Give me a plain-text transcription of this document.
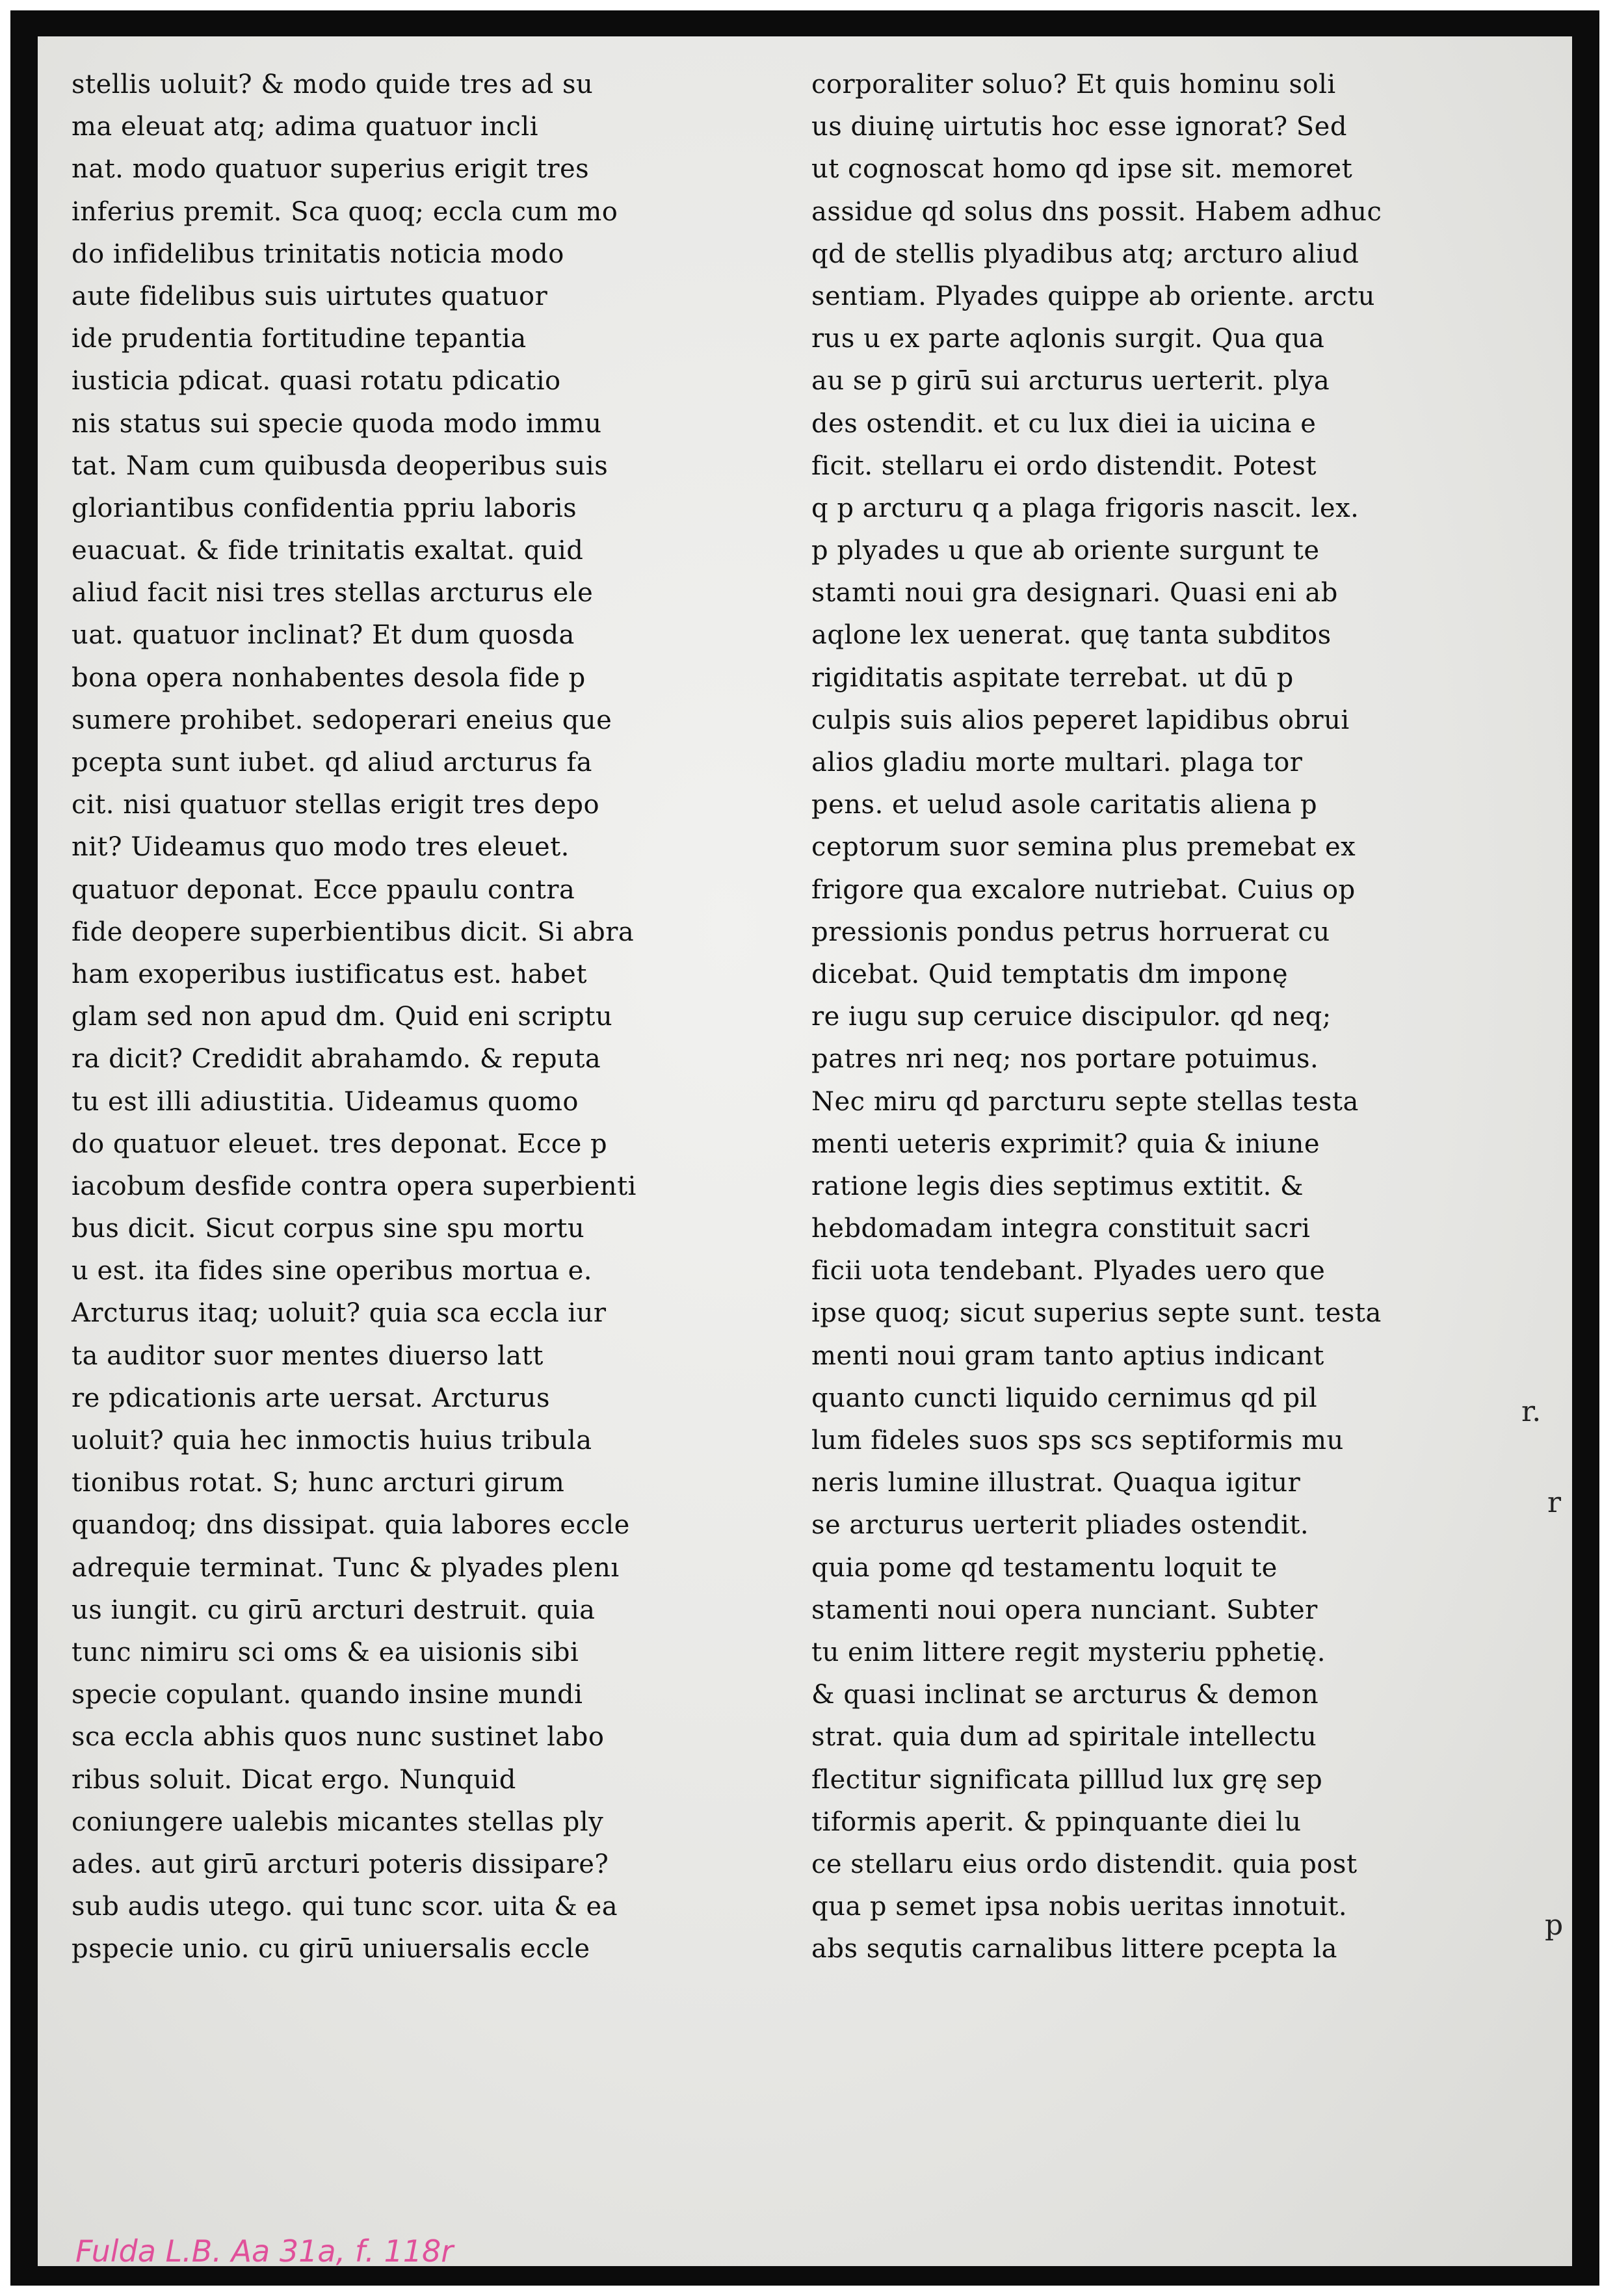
stellis uoluit? & modo quide tres ad su
ma eleuat atq; adima quatuor incli
nat. modo quatuor superius erigit tres
inferius premit. Sca quoq; eccla cum mo
do infidelibus trinitatis noticia modo
aute fidelibus suis uirtutes quatuor
ide prudentia fortitudine tepantia
iusticia pdicat. quasi rotatu pdicatio
nis status sui specie quoda modo immu
tat. Nam cum quibusda deoperibus suis
gloriantibus confidentia ppriu laboris
euacuat. & fide trinitatis exaltat. quid
aliud facit nisi tres stellas arcturus ele
uat. quatuor inclinat? Et dum quosda
bona opera nonhabentes desola fide p
sumere prohibet. sedoperari eneius que
pcepta sunt iubet. qd aliud arcturus fa
cit. nisi quatuor stellas erigit tres depo
nit? Uideamus quo modo tres eleuet.
quatuor deponat. Ecce ppaulu contra
fide deopere superbientibus dicit. Si abra
ham exoperibus iustificatus est. habet
glam sed non apud dm. Quid eni scriptu
ra dicit? Credidit abrahamdo. & reputa
tu est illi adiustitia. Uideamus quomo
do quatuor eleuet. tres deponat. Ecce p
iacobum desfide contra opera superbienti
bus dicit. Sicut corpus sine spu mortu
u est. ita fides sine operibus mortua e.
Arcturus itaq; uoluit? quia sca eccla iur
ta auditor suor mentes diuerso latt
re pdicationis arte uersat. Arcturus
uoluit? quia hec inmoctis huius tribula
tionibus rotat. S; hunc arcturi girum
quandoq; dns dissipat. quia labores eccle
adrequie terminat. Tunc & plyades plenı
us iungit. cu girū arcturi destruit. quia
tunc nimiru sci oms & ea uisionis sibi
specie copulant. quando insine mundi
sca eccla abhis quos nunc sustinet labo
ribus soluit. Dicat ergo. Nunquid
coniungere ualebis micantes stellas ply
ades. aut girū arcturi poteris dissipare?
sub audis utego. qui tunc scor. uita & ea
pspecie unio. cu girū uniuersalis eccle
corporaliter soluo? Et quis hominu soli
us diuinę uirtutis hoc esse ignorat? Sed
ut cognoscat homo qd ipse sit. memoret
assidue qd solus dns possit. Habem adhuc
qd de stellis plyadibus atq; arcturo aliud
sentiam. Plyades quippe ab oriente. arctu
rus u ex parte aqlonis surgit. Qua qua
au se p girū sui arcturus uerterit. plya
des ostendit. et cu lux diei ia uicina e
ficit. stellaru ei ordo distendit. Potest
q p arcturu q a plaga frigoris nascit. lex.
p plyades u que ab oriente surgunt te
stamti noui gra designari. Quasi eni ab
aqlone lex uenerat. quę tanta subditos
rigiditatis aspitate terrebat. ut dū p
culpis suis alios peperet lapidibus obrui
alios gladiu morte multari. plaga tor
pens. et uelud asole caritatis aliena p
ceptorum suor semina plus premebat ex
frigore qua excalore nutriebat. Cuius op
pressionis pondus petrus horruerat cu
dicebat. Quid temptatis dm imponę
re iugu sup ceruice discipulor. qd neq;
patres nri neq; nos portare potuimus.
Nec miru qd parcturu septe stellas testa
menti ueteris exprimit? quia & iniune
ratione legis dies septimus extitit. &
hebdomadam integra constituit sacri
ficii uota tendebant. Plyades uero que
ipse quoq; sicut superius septe sunt. testa
menti noui gram tanto aptius indicant
quanto cuncti liquido cernimus qd pil
lum fideles suos sps scs septiformis mu
neris lumine illustrat. Quaqua igitur
se arcturus uerterit pliades ostendit.
quia pome qd testamentu loquit te
stamenti noui opera nunciant. Subter
tu enim littere regit mysteriu pphetię.
& quasi inclinat se arcturus & demon
strat. quia dum ad spiritale intellectu
flectitur significata pilllud lux grę sep
tiformis aperit. & ppinquante diei lu
ce stellaru eius ordo distendit. quia post
qua p semet ipsa nobis ueritas innotuit.
abs sequtis carnalibus littere pcepta la
r.
r
p
Fulda L.B. Aa 31a, f. 118r
